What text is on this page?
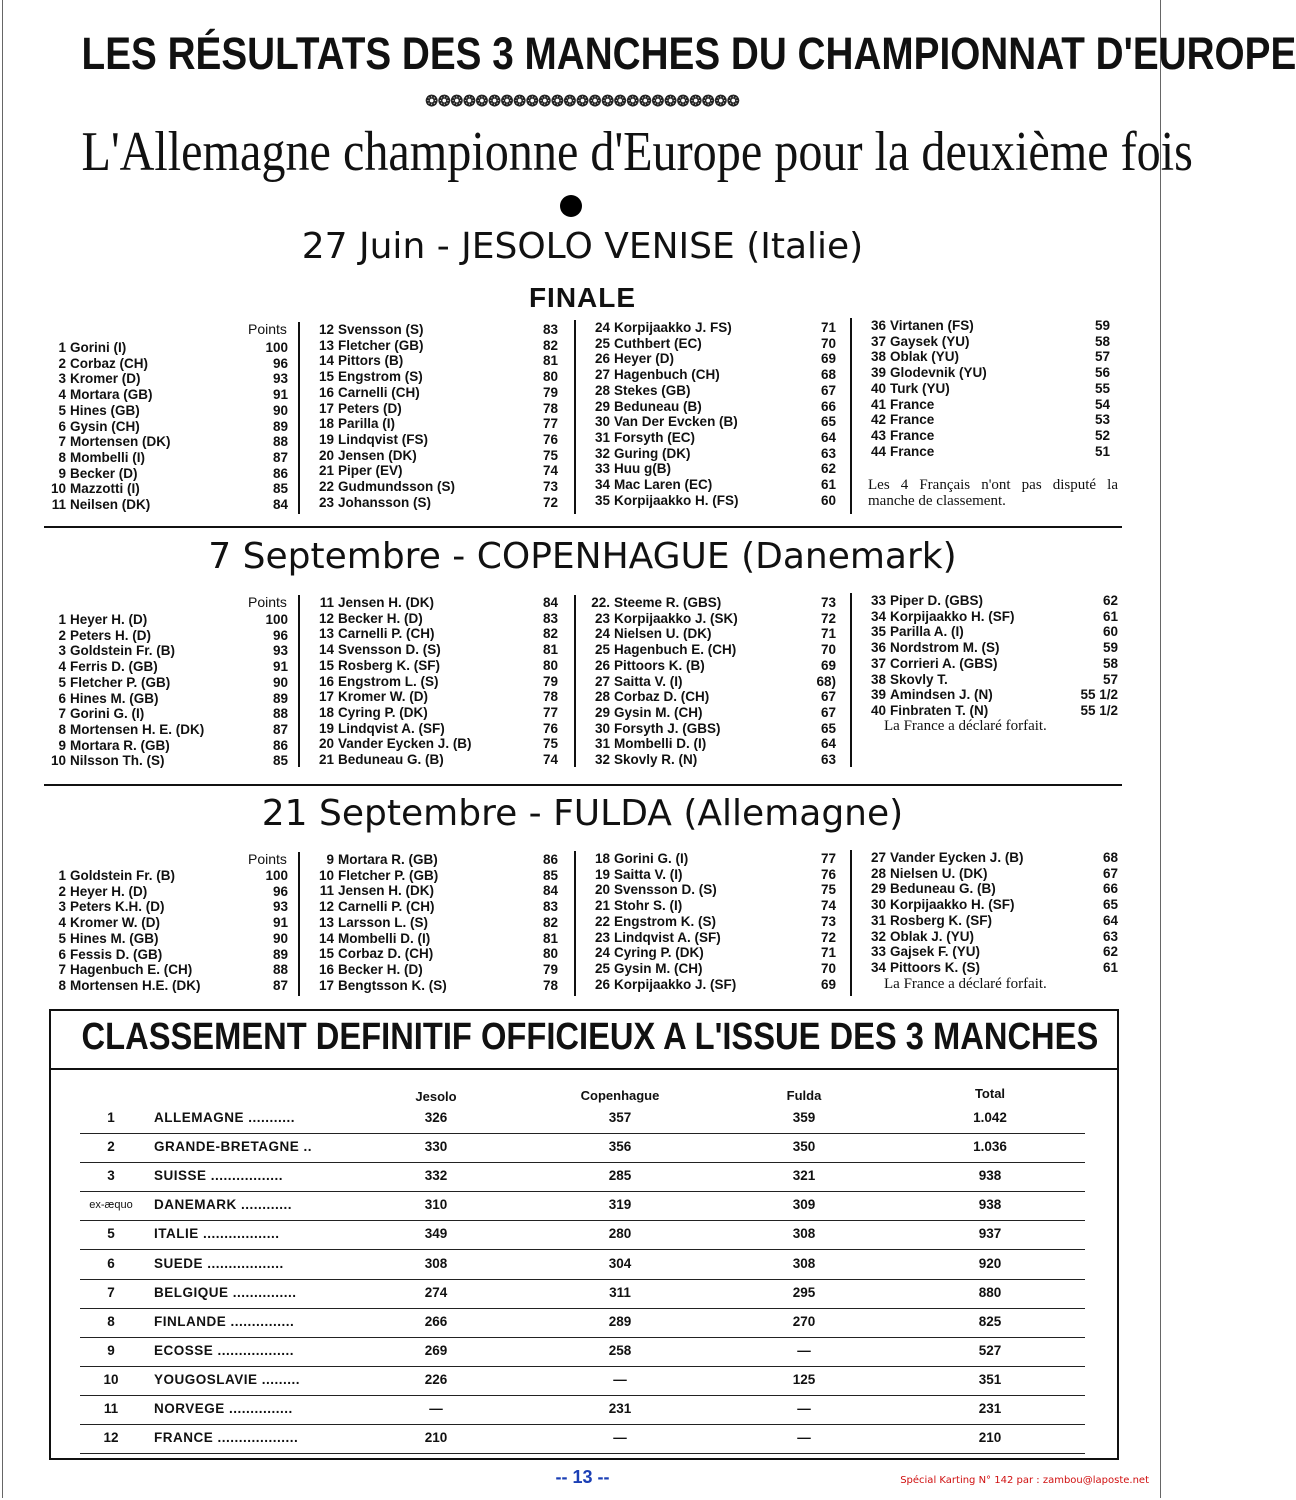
LES RÉSULTATS DES 3 MANCHES DU CHAMPIONNAT D'EUROPE
❂❂❂❂❂❂❂❂❂❂❂❂❂❂❂❂❂❂❂❂❂❂❂❂❂
L'Allemagne championne d'Europe pour la deuxième fois
27 Juin - JESOLO VENISE (Italie)
FINALE
Points
1 Gorini (I)	100
2 Corbaz (CH)	96
3 Kromer (D)	93
4 Mortara (GB)	91
5 Hines (GB)	90
6 Gysin (CH)	89
7 Mortensen (DK)	88
8 Mombelli (I)	87
9 Becker (D)	86
10 Mazzotti (I)	85
11 Neilsen (DK)	84
12 Svensson (S)	83
13 Fletcher (GB)	82
14 Pittors (B)	81
15 Engstrom (S)	80
16 Carnelli (CH)	79
17 Peters (D)	78
18 Parilla (I)	77
19 Lindqvist (FS)	76
20 Jensen (DK)	75
21 Piper (EV)	74
22 Gudmundsson (S)	73
23 Johansson (S)	72
24 Korpijaakko J. FS)	71
25 Cuthbert (EC)	70
26 Heyer (D)	69
27 Hagenbuch (CH)	68
28 Stekes (GB)	67
29 Beduneau (B)	66
30 Van Der Evcken (B)	65
31 Forsyth (EC)	64
32 Guring (DK)	63
33 Huu g(B)	62
34 Mac Laren (EC)	61
35 Korpijaakko H. (FS)	60
36 Virtanen (FS)	59
37 Gaysek (YU)	58
38 Oblak (YU)	57
39 Glodevnik (YU)	56
40 Turk (YU)	55
41 France	54
42 France	53
43 France	52
44 France	51
Les 4 Français n'ont pas disputé la manche de classement.
7 Septembre - COPENHAGUE (Danemark)
Points
1 Heyer H. (D)	100
2 Peters H. (D)	96
3 Goldstein Fr. (B)	93
4 Ferris D. (GB)	91
5 Fletcher P. (GB)	90
6 Hines M. (GB)	89
7 Gorini G. (I)	88
8 Mortensen H. E. (DK)	87
9 Mortara R. (GB)	86
10 Nilsson Th. (S)	85
11 Jensen H. (DK)	84
12 Becker H. (D)	83
13 Carnelli P. (CH)	82
14 Svensson D. (S)	81
15 Rosberg K. (SF)	80
16 Engstrom L. (S)	79
17 Kromer W. (D)	78
18 Cyring P. (DK)	77
19 Lindqvist A. (SF)	76
20 Vander Eycken J. (B)	75
21 Beduneau G. (B)	74
22. Steeme R. (GBS)	73
23 Korpijaakko J. (SK)	72
24 Nielsen U. (DK)	71
25 Hagenbuch E. (CH)	70
26 Pittoors K. (B)	69
27 Saitta V. (I)	68)
28 Corbaz D. (CH)	67
29 Gysin M. (CH)	67
30 Forsyth J. (GBS)	65
31 Mombelli D. (I)	64
32 Skovly R. (N)	63
33 Piper D. (GBS)	62
34 Korpijaakko H. (SF)	61
35 Parilla A. (I)	60
36 Nordstrom M. (S)	59
37 Corrieri A. (GBS)	58
38 Skovly T.	57
39 Amindsen J. (N)	55 1/2
40 Finbraten T. (N)	55 1/2
La France a déclaré forfait.
21 Septembre - FULDA (Allemagne)
Points
1 Goldstein Fr. (B)	100
2 Heyer H. (D)	96
3 Peters K.H. (D)	93
4 Kromer W. (D)	91
5 Hines M. (GB)	90
6 Fessis D. (GB)	89
7 Hagenbuch E. (CH)	88
8 Mortensen H.E. (DK)	87
9 Mortara R. (GB)	86
10 Fletcher P. (GB)	85
11 Jensen H. (DK)	84
12 Carnelli P. (CH)	83
13 Larsson L. (S)	82
14 Mombelli D. (I)	81
15 Corbaz D. (CH)	80
16 Becker H. (D)	79
17 Bengtsson K. (S)	78
18 Gorini G. (I)	77
19 Saitta V. (I)	76
20 Svensson D. (S)	75
21 Stohr S. (I)	74
22 Engstrom K. (S)	73
23 Lindqvist A. (SF)	72
24 Cyring P. (DK)	71
25 Gysin M. (CH)	70
26 Korpijaakko J. (SF)	69
27 Vander Eycken J. (B)	68
28 Nielsen U. (DK)	67
29 Beduneau G. (B)	66
30 Korpijaakko H. (SF)	65
31 Rosberg K. (SF)	64
32 Oblak J. (YU)	63
33 Gajsek F. (YU)	62
34 Pittoors K. (S)	61
La France a déclaré forfait.
CLASSEMENT DEFINITIF OFFICIEUX A L'ISSUE DES 3 MANCHES
Jesolo	Copenhague	Fulda	Total
1	ALLEMAGNE ...........	326	357	359	1.042
2	GRANDE-BRETAGNE ..	330	356	350	1.036
3	SUISSE .................	332	285	321	938
ex-æquo	DANEMARK ............	310	319	309	938
5	ITALIE ..................	349	280	308	937
6	SUEDE ..................	308	304	308	920
7	BELGIQUE ...............	274	311	295	880
8	FINLANDE ...............	266	289	270	825
9	ECOSSE ..................	269	258	—	527
10	YOUGOSLAVIE .........	226	—	125	351
11	NORVEGE ...............	—	231	—	231
12	FRANCE ...................	210	—	—	210
-- 13 --	Spécial Karting N° 142 par : zambou@laposte.net
